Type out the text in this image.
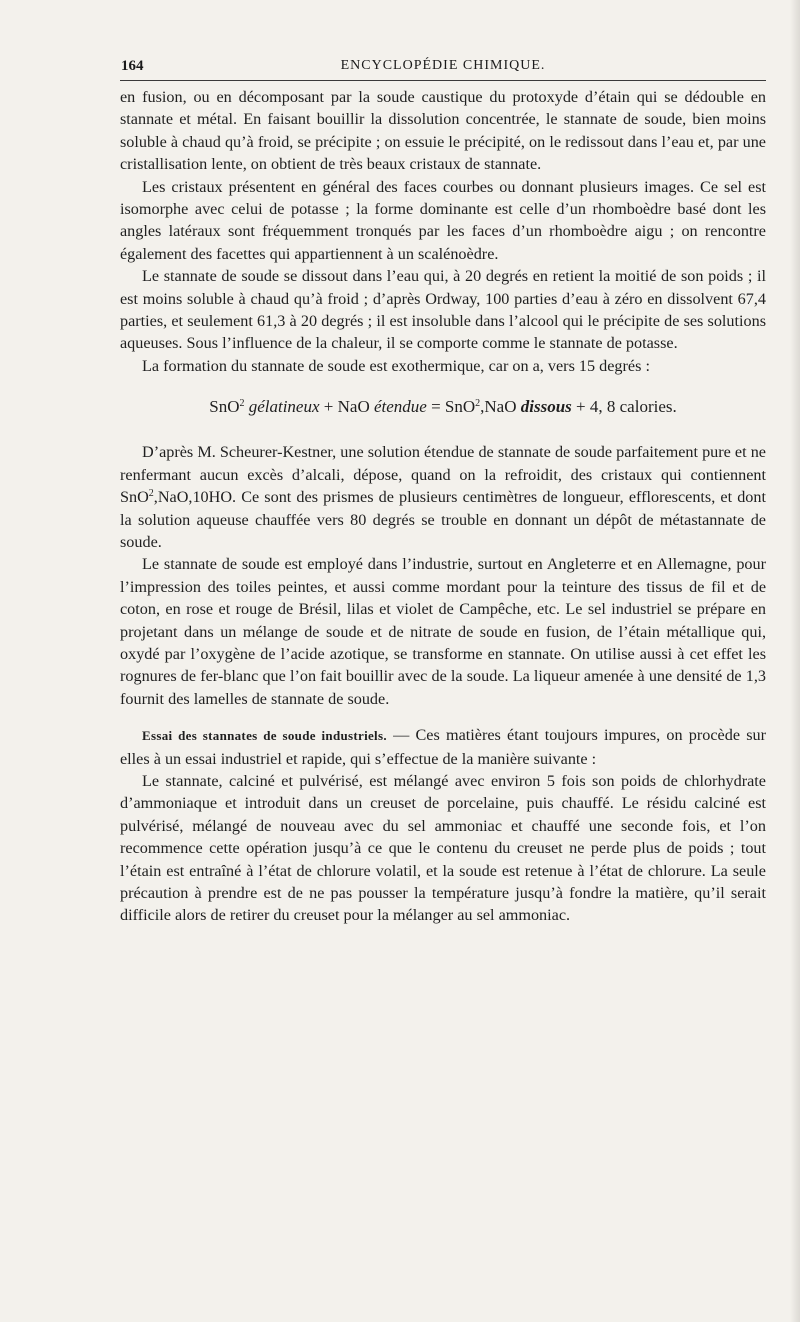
164	ENCYCLOPÉDIE CHIMIQUE.

en fusion, ou en décomposant par la soude caustique du protoxyde d’étain qui se dédouble en stannate et métal. En faisant bouillir la dissolution concentrée, le stannate de soude, bien moins soluble à chaud qu’à froid, se précipite ; on essuie le précipité, on le redissout dans l’eau et, par une cristallisation lente, on obtient de très beaux cristaux de stannate.

Les cristaux présentent en général des faces courbes ou donnant plusieurs images. Ce sel est isomorphe avec celui de potasse ; la forme dominante est celle d’un rhomboèdre basé dont les angles latéraux sont fréquemment tronqués par les faces d’un rhomboèdre aigu ; on rencontre également des facettes qui appartiennent à un scalénoèdre.

Le stannate de soude se dissout dans l’eau qui, à 20 degrés en retient la moitié de son poids ; il est moins soluble à chaud qu’à froid ; d’après Ordway, 100 parties d’eau à zéro en dissolvent 67,4 parties, et seulement 61,3 à 20 degrés ; il est insoluble dans l’alcool qui le précipite de ses solutions aqueuses. Sous l’influence de la chaleur, il se comporte comme le stannate de potasse.

La formation du stannate de soude est exothermique, car on a, vers 15 degrés :

SnO$^2$ gélatineux + NaO étendue = SnO$^2$,NaO dissous + 4, 8 calories.

D’après M. Scheurer-Kestner, une solution étendue de stannate de soude parfaitement pure et ne renfermant aucun excès d’alcali, dépose, quand on la refroidit, des cristaux qui contiennent SnO$^2$,NaO,10HO. Ce sont des prismes de plusieurs centimètres de longueur, efflorescents, et dont la solution aqueuse chauffée vers 80 degrés se trouble en donnant un dépôt de métastannate de soude.

Le stannate de soude est employé dans l’industrie, surtout en Angleterre et en Allemagne, pour l’impression des toiles peintes, et aussi comme mordant pour la teinture des tissus de fil et de coton, en rose et rouge de Brésil, lilas et violet de Campêche, etc. Le sel industriel se prépare en projetant dans un mélange de soude et de nitrate de soude en fusion, de l’étain métallique qui, oxydé par l’oxygène de l’acide azotique, se transforme en stannate. On utilise aussi à cet effet les rognures de fer-blanc que l’on fait bouillir avec de la soude. La liqueur amenée à une densité de 1,3 fournit des lamelles de stannate de soude.

Essai des stannates de soude industriels. — Ces matières étant toujours impures, on procède sur elles à un essai industriel et rapide, qui s’effectue de la manière suivante :

Le stannate, calciné et pulvérisé, est mélangé avec environ 5 fois son poids de chlorhydrate d’ammoniaque et introduit dans un creuset de porcelaine, puis chauffé. Le résidu calciné est pulvérisé, mélangé de nouveau avec du sel ammoniac et chauffé une seconde fois, et l’on recommence cette opération jusqu’à ce que le contenu du creuset ne perde plus de poids ; tout l’étain est entraîné à l’état de chlorure volatil, et la soude est retenue à l’état de chlorure. La seule précaution à prendre est de ne pas pousser la température jusqu’à fondre la matière, qu’il serait difficile alors de retirer du creuset pour la mélanger au sel ammoniac.
